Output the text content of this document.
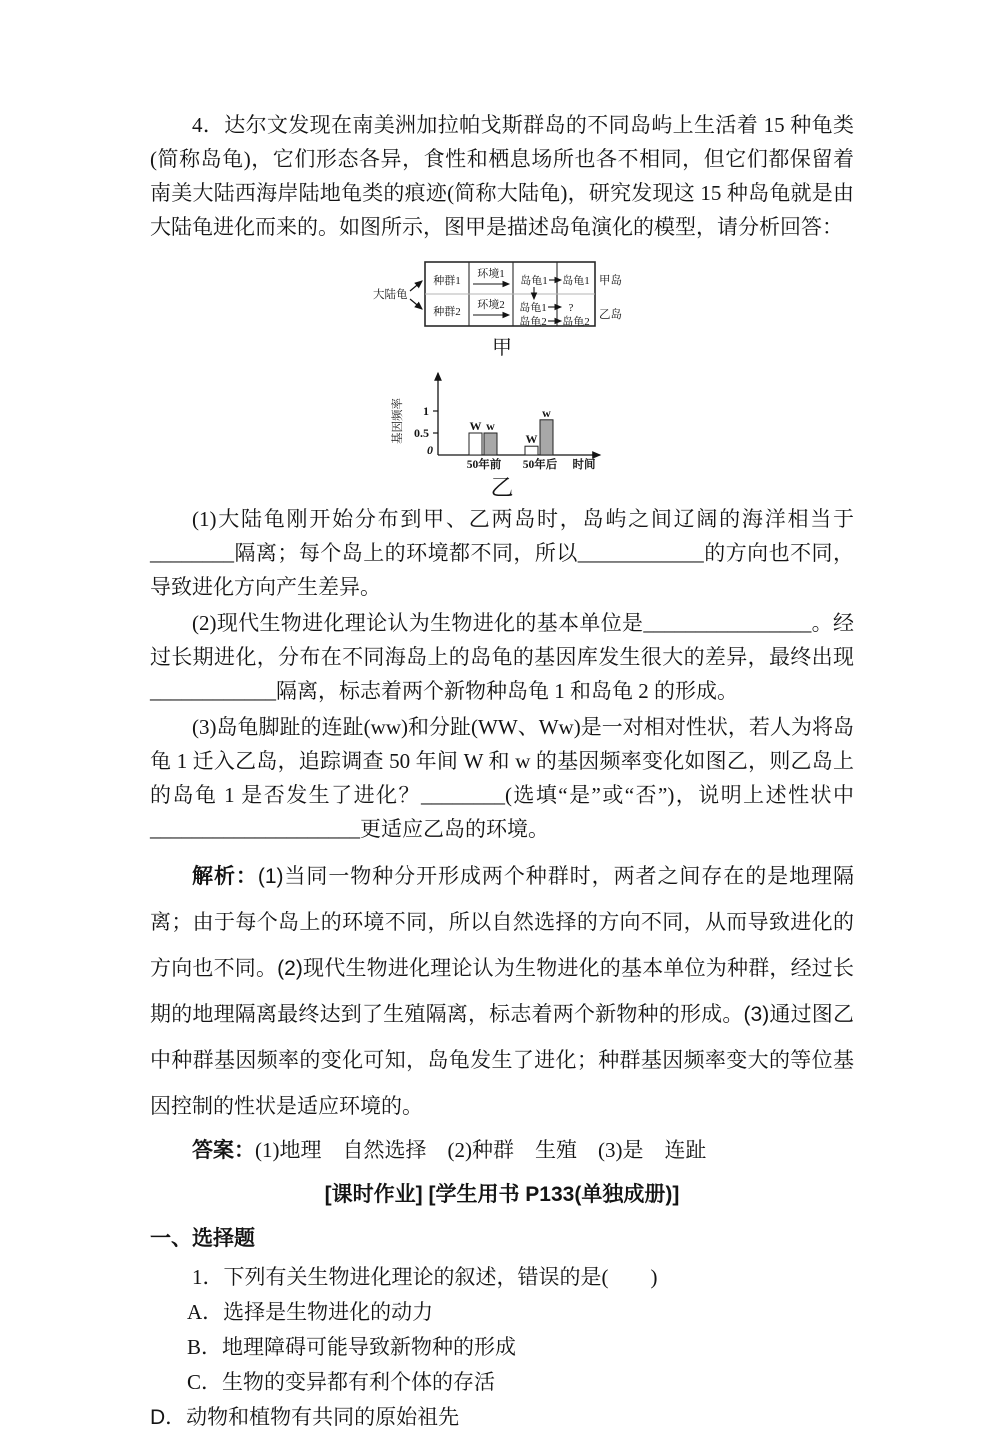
4．达尔文发现在南美洲加拉帕戈斯群岛的不同岛屿上生活着 15 种龟类(简称岛龟)，它们形态各异，食性和栖息场所也各不相同，但它们都保留着南美大陆西海岸陆地龟类的痕迹(简称大陆龟)，研究发现这 15 种岛龟就是由大陆龟进化而来的。如图所示，图甲是描述岛龟演化的模型，请分析回答：

大陆龟
种群1
环境1
岛龟1 岛龟1 甲岛
种群2
环境2 岛龟1 ?
岛龟2 岛龟2
乙岛
甲
基因频率 1
0.5
0
时间
W w
50年前
W
w
50年后
乙

(1)大陆龟刚开始分布到甲、乙两岛时，岛屿之间辽阔的海洋相当于________隔离；每个岛上的环境都不同，所以____________的方向也不同，导致进化方向产生差异。

(2)现代生物进化理论认为生物进化的基本单位是________________。经过长期进化，分布在不同海岛上的岛龟的基因库发生很大的差异，最终出现____________隔离，标志着两个新物种岛龟 1 和岛龟 2 的形成。

(3)岛龟脚趾的连趾(ww)和分趾(WW、Ww)是一对相对性状，若人为将岛龟 1 迁入乙岛，追踪调查 50 年间 W 和 w 的基因频率变化如图乙，则乙岛上的岛龟 1 是否发生了进化？________(选填“是”或“否”)，说明上述性状中____________________更适应乙岛的环境。

解析：(1)当同一物种分开形成两个种群时，两者之间存在的是地理隔离；由于每个岛上的环境不同，所以自然选择的方向不同，从而导致进化的方向也不同。(2)现代生物进化理论认为生物进化的基本单位为种群，经过长期的地理隔离最终达到了生殖隔离，标志着两个新物种的形成。(3)通过图乙中种群基因频率的变化可知，岛龟发生了进化；种群基因频率变大的等位基因控制的性状是适应环境的。

答案：(1)地理　自然选择　(2)种群　生殖　(3)是　连趾

[课时作业] [学生用书 P133(单独成册)]
一、选择题

1．下列有关生物进化理论的叙述，错误的是(　　)

A．选择是生物进化的动力
B．地理障碍可能导致新物种的形成
C．生物的变异都有利个体的存活
D．动物和植物有共同的原始祖先
